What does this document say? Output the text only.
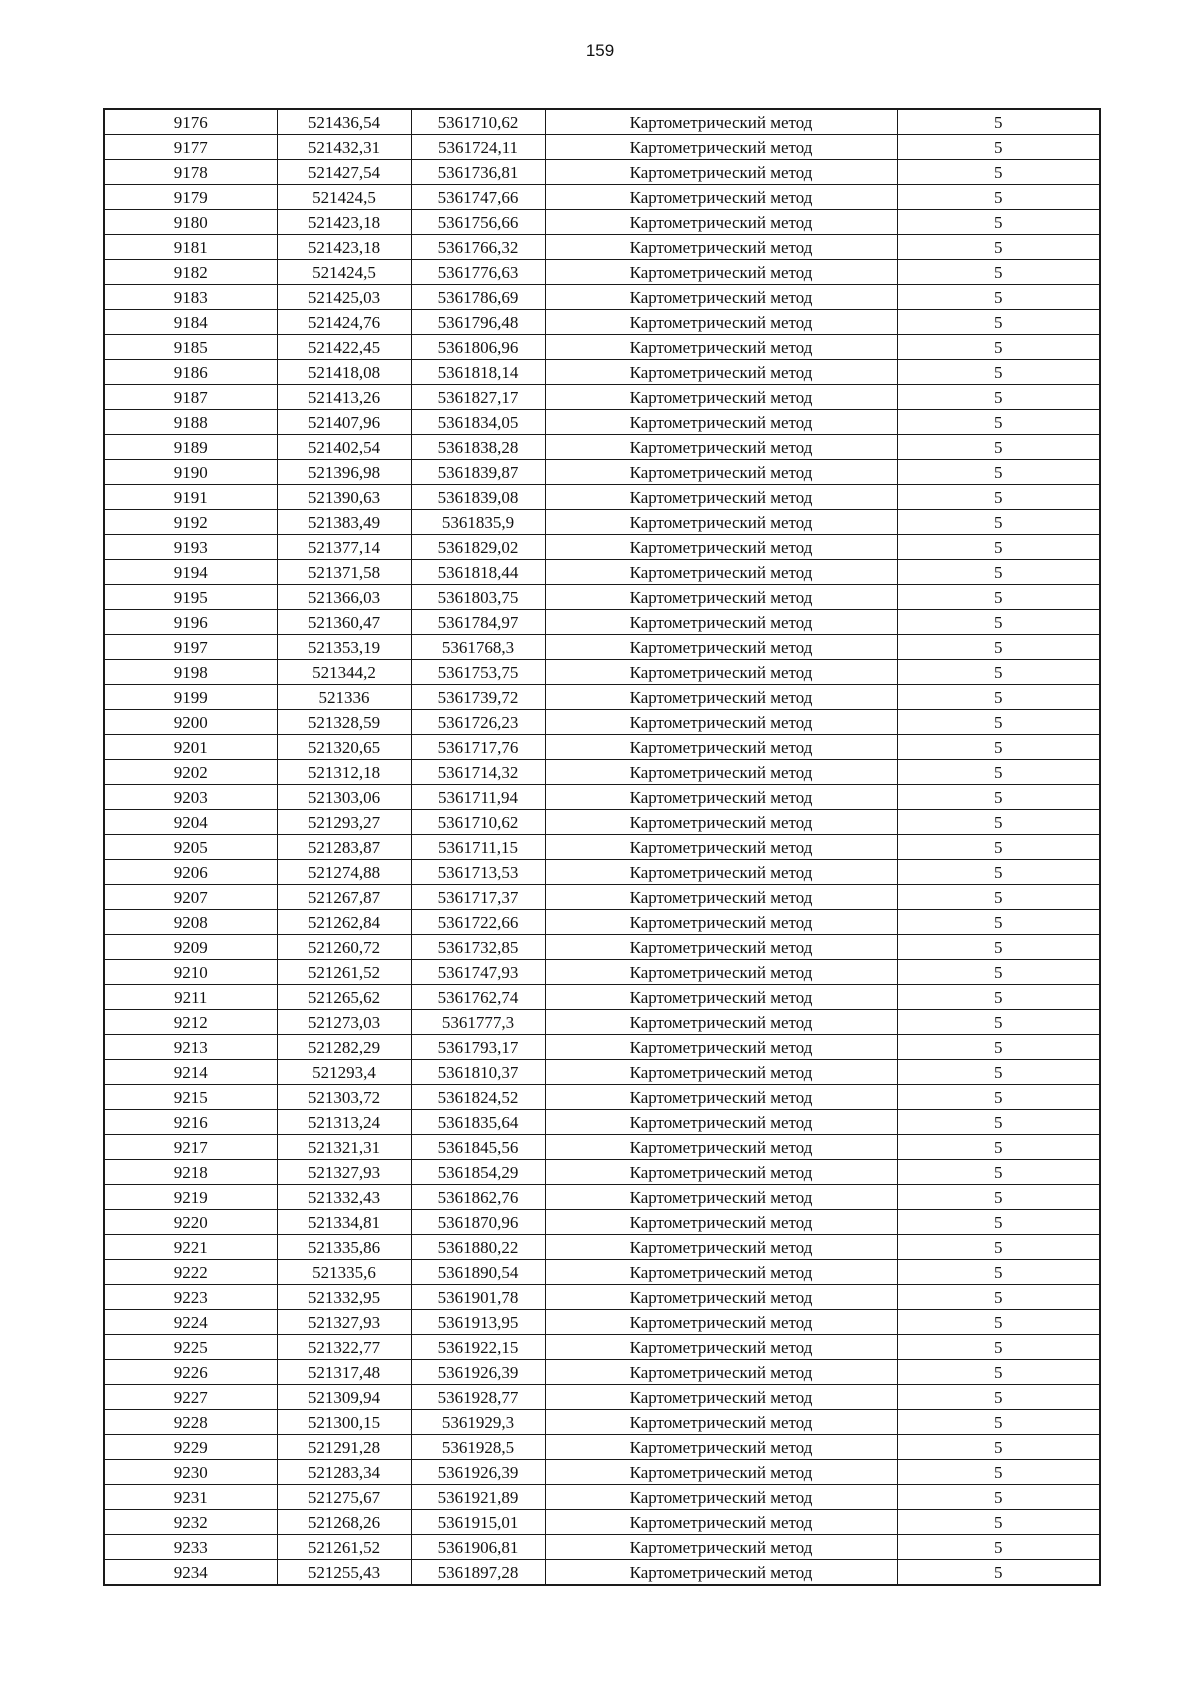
159
9176	521436,54	5361710,62	Картометрический метод	5
9177	521432,31	5361724,11	Картометрический метод	5
9178	521427,54	5361736,81	Картометрический метод	5
9179	521424,5	5361747,66	Картометрический метод	5
9180	521423,18	5361756,66	Картометрический метод	5
9181	521423,18	5361766,32	Картометрический метод	5
9182	521424,5	5361776,63	Картометрический метод	5
9183	521425,03	5361786,69	Картометрический метод	5
9184	521424,76	5361796,48	Картометрический метод	5
9185	521422,45	5361806,96	Картометрический метод	5
9186	521418,08	5361818,14	Картометрический метод	5
9187	521413,26	5361827,17	Картометрический метод	5
9188	521407,96	5361834,05	Картометрический метод	5
9189	521402,54	5361838,28	Картометрический метод	5
9190	521396,98	5361839,87	Картометрический метод	5
9191	521390,63	5361839,08	Картометрический метод	5
9192	521383,49	5361835,9	Картометрический метод	5
9193	521377,14	5361829,02	Картометрический метод	5
9194	521371,58	5361818,44	Картометрический метод	5
9195	521366,03	5361803,75	Картометрический метод	5
9196	521360,47	5361784,97	Картометрический метод	5
9197	521353,19	5361768,3	Картометрический метод	5
9198	521344,2	5361753,75	Картометрический метод	5
9199	521336	5361739,72	Картометрический метод	5
9200	521328,59	5361726,23	Картометрический метод	5
9201	521320,65	5361717,76	Картометрический метод	5
9202	521312,18	5361714,32	Картометрический метод	5
9203	521303,06	5361711,94	Картометрический метод	5
9204	521293,27	5361710,62	Картометрический метод	5
9205	521283,87	5361711,15	Картометрический метод	5
9206	521274,88	5361713,53	Картометрический метод	5
9207	521267,87	5361717,37	Картометрический метод	5
9208	521262,84	5361722,66	Картометрический метод	5
9209	521260,72	5361732,85	Картометрический метод	5
9210	521261,52	5361747,93	Картометрический метод	5
9211	521265,62	5361762,74	Картометрический метод	5
9212	521273,03	5361777,3	Картометрический метод	5
9213	521282,29	5361793,17	Картометрический метод	5
9214	521293,4	5361810,37	Картометрический метод	5
9215	521303,72	5361824,52	Картометрический метод	5
9216	521313,24	5361835,64	Картометрический метод	5
9217	521321,31	5361845,56	Картометрический метод	5
9218	521327,93	5361854,29	Картометрический метод	5
9219	521332,43	5361862,76	Картометрический метод	5
9220	521334,81	5361870,96	Картометрический метод	5
9221	521335,86	5361880,22	Картометрический метод	5
9222	521335,6	5361890,54	Картометрический метод	5
9223	521332,95	5361901,78	Картометрический метод	5
9224	521327,93	5361913,95	Картометрический метод	5
9225	521322,77	5361922,15	Картометрический метод	5
9226	521317,48	5361926,39	Картометрический метод	5
9227	521309,94	5361928,77	Картометрический метод	5
9228	521300,15	5361929,3	Картометрический метод	5
9229	521291,28	5361928,5	Картометрический метод	5
9230	521283,34	5361926,39	Картометрический метод	5
9231	521275,67	5361921,89	Картометрический метод	5
9232	521268,26	5361915,01	Картометрический метод	5
9233	521261,52	5361906,81	Картометрический метод	5
9234	521255,43	5361897,28	Картометрический метод	5
